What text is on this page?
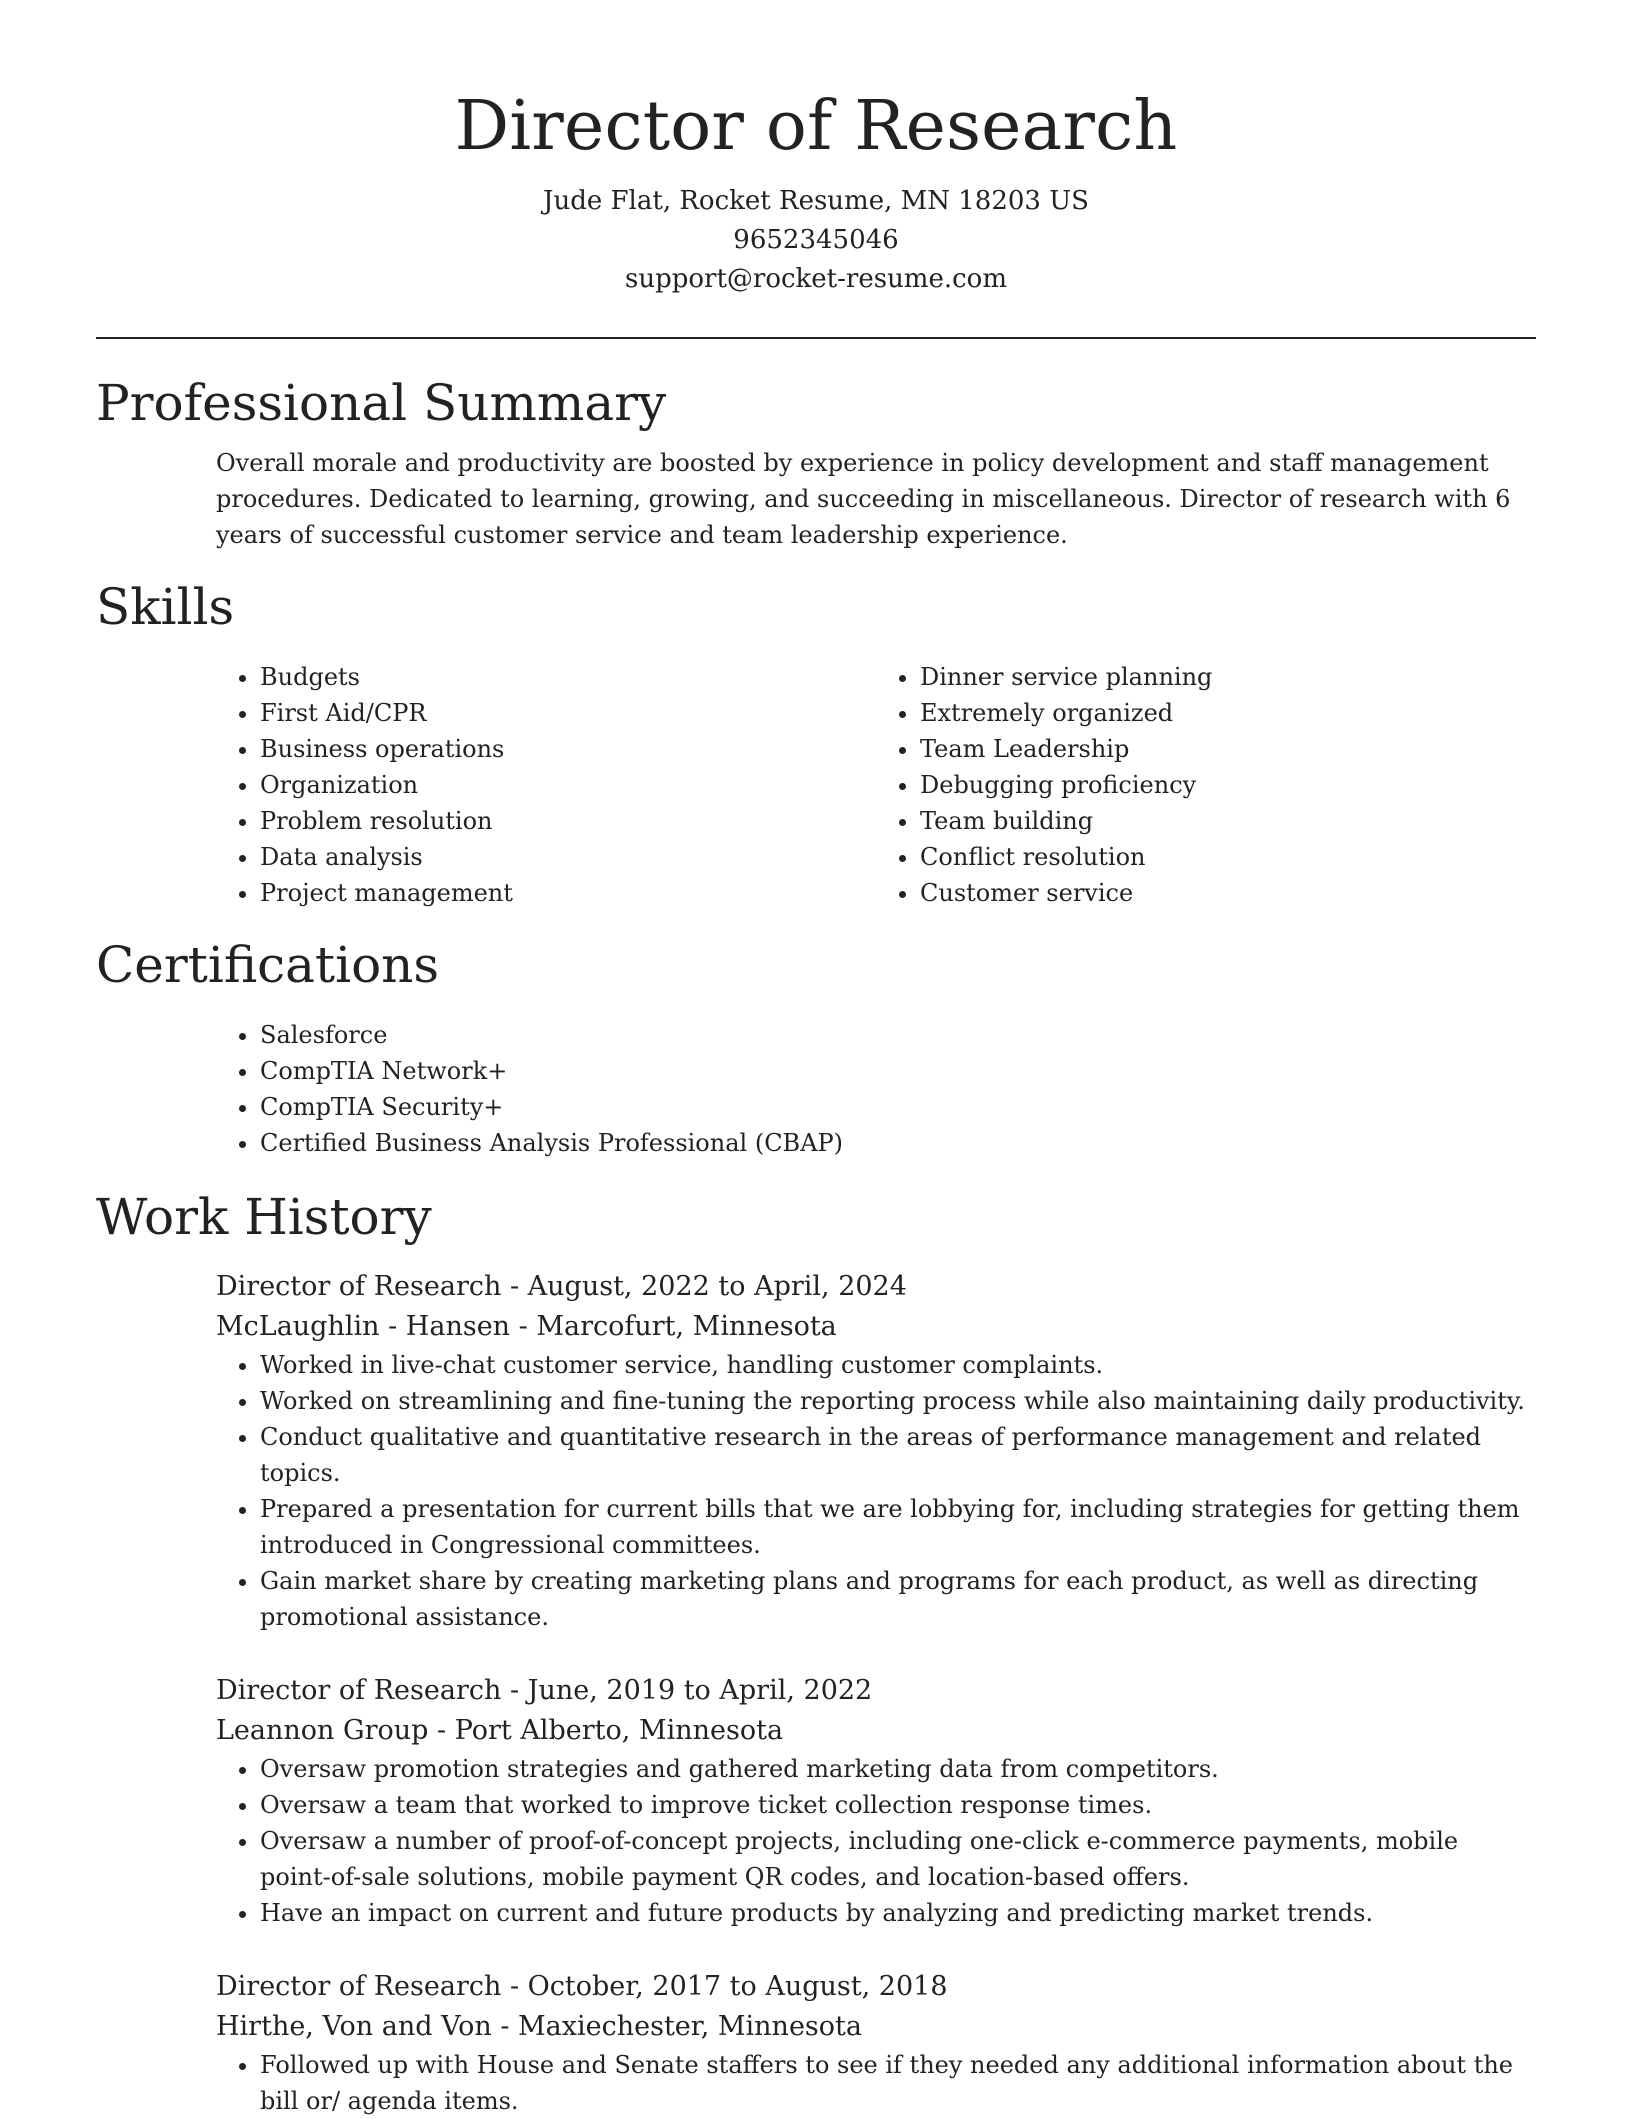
Director of Research
Jude Flat, Rocket Resume, MN 18203 US
9652345046
support@rocket-resume.com
Professional Summary

Overall morale and productivity are boosted by experience in policy development and staff management procedures. Dedicated to learning, growing, and succeeding in miscellaneous. Director of research with 6 years of successful customer service and team leadership experience.

Skills
• Budgets
• First Aid/CPR
• Business operations
• Organization
• Problem resolution
• Data analysis
• Project management
• Dinner service planning
• Extremely organized
• Team Leadership
• Debugging proficiency
• Team building
• Conflict resolution
• Customer service
Certifications
• Salesforce
• CompTIA Network+
• CompTIA Security+
• Certified Business Analysis Professional (CBAP)
Work History
Director of Research - August, 2022 to April, 2024
McLaughlin - Hansen - Marcofurt, Minnesota
• Worked in live-chat customer service, handling customer complaints.
• Worked on streamlining and fine-tuning the reporting process while also maintaining daily productivity.
• Conduct qualitative and quantitative research in the areas of performance management and related topics.
• Prepared a presentation for current bills that we are lobbying for, including strategies for getting them introduced in Congressional committees.
• Gain market share by creating marketing plans and programs for each product, as well as directing promotional assistance.
Director of Research - June, 2019 to April, 2022
Leannon Group - Port Alberto, Minnesota
• Oversaw promotion strategies and gathered marketing data from competitors.
• Oversaw a team that worked to improve ticket collection response times.
• Oversaw a number of proof-of-concept projects, including one-click e-commerce payments, mobile point-of-sale solutions, mobile payment QR codes, and location-based offers.
• Have an impact on current and future products by analyzing and predicting market trends.
Director of Research - October, 2017 to August, 2018
Hirthe, Von and Von - Maxiechester, Minnesota
• Followed up with House and Senate staffers to see if they needed any additional information about the bill or/ agenda items.
